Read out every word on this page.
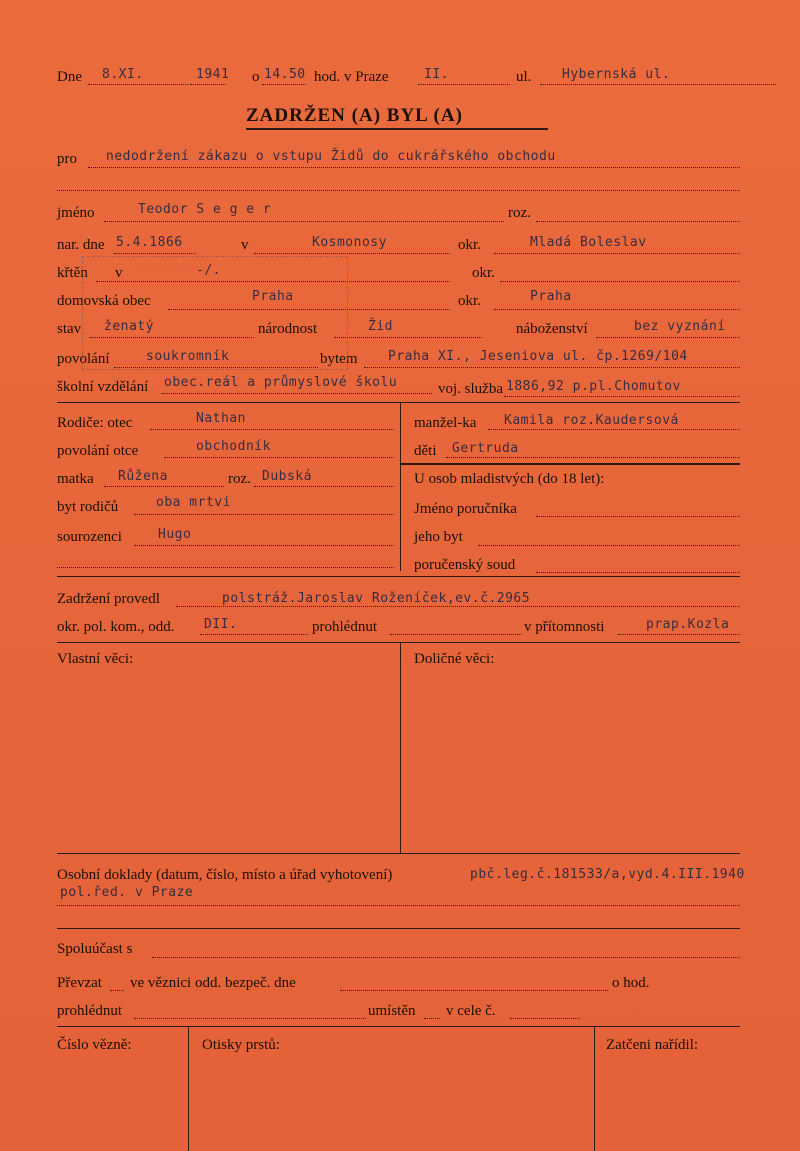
Dne 8.XI.	1941 o 14.50 hod. v Praze	II.	ul. Hybernská ul.
ZADRŽEN (A) BYL (A)
pro nedodržení zákazu o vstupu Židů do cukrářského obchodu
jméno	Teodor S e g e r	roz.
nar. dne 5.4.1866	v	Kosmonosy	okr.	Mladá Boleslav
křtěn v	-/.	okr.
domovská obec	Praha	okr.	Praha
stav ženatý	národnost	Žid	náboženství	bez vyznání
povolání	soukromník	bytem Praha XI., Jeseniova ul. čp.1269/104
školní vzdělání obec.reál a průmyslové školu	voj. služba 1886,92 p.pl.Chomutov
· · · · · · · · · · ·
Rodiče: otec	Nathan
povolání otce	obchodník
matka Růžena	roz. Dubská
byt rodičů	oba mrtvi
sourozenci	Hugo
manžel-ka Kamila roz.Kaudersová
děti Gertruda
U osob mladistvých (do 18 let):
Jméno poručníka
jeho byt
poručenský soud
Zadržení provedl	polstráž.Jaroslav Roženíček,ev.č.2965
okr. pol. kom., odd. DII.	prohlédnut	v přítomnosti	prap.Kozla
Vlastní věci:	Doličné věci:
Osobní doklady (datum, číslo, místo a úřad vyhotovení)	pbč.leg.č.181533/a,vyd.4.III.1940
pol.řed. v Praze
Spoluúčast s
Převzat ve věznici odd. bezpeč. dne	o hod.
prohlédnut	umístěn v cele č.
Číslo vězně:	Otisky prstů:	Zatčeni nařídil:
